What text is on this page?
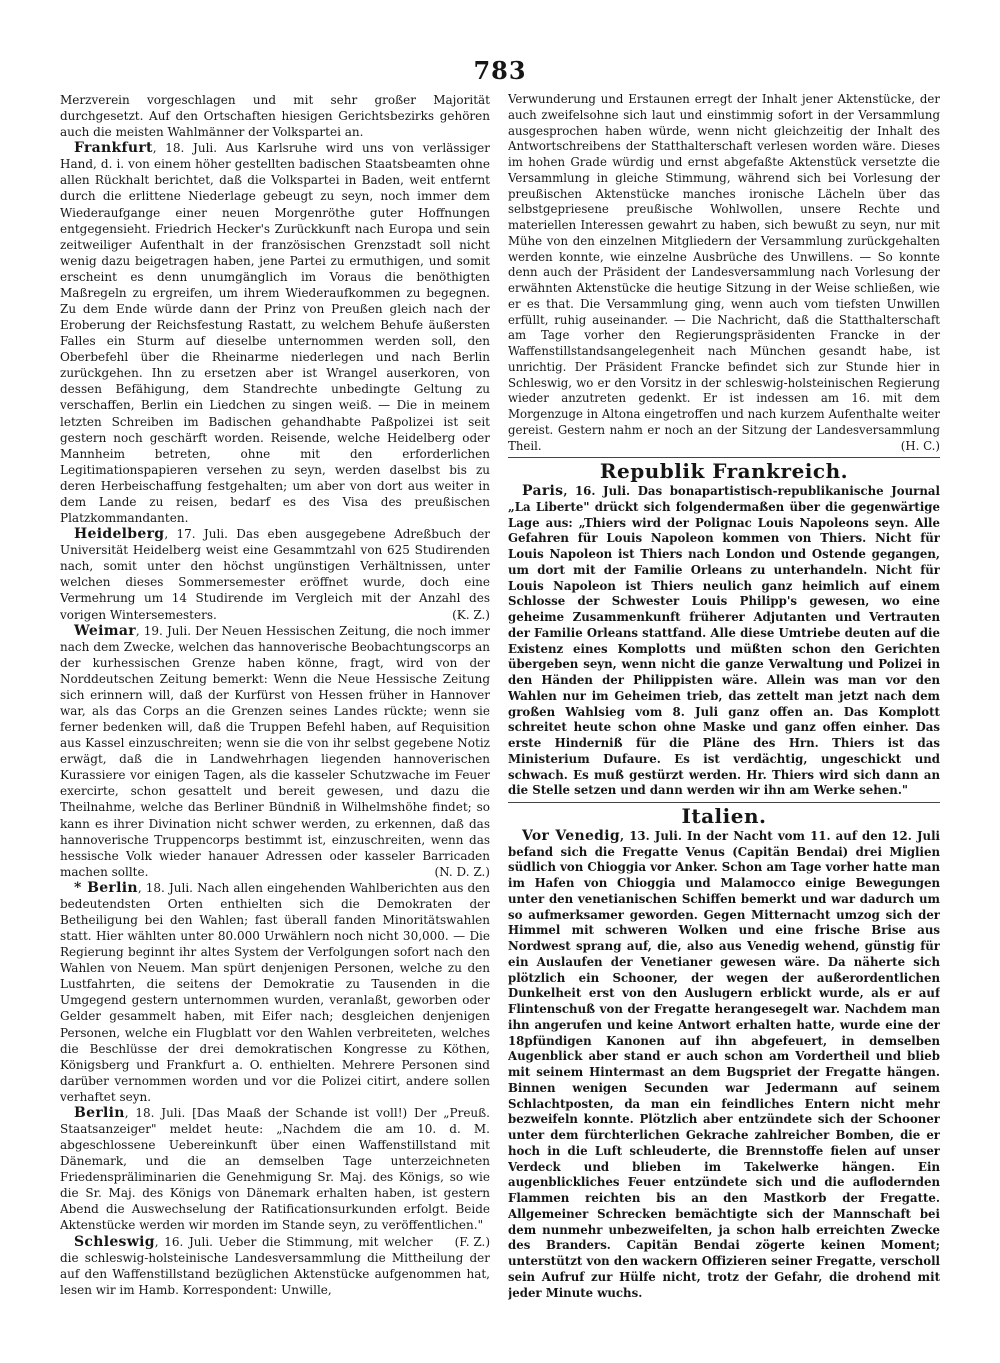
783

Merzverein vorgeschlagen und mit sehr großer Majorität durchgesetzt. Auf den Ortschaften hiesigen Gerichtsbezirks gehören auch die meisten Wahlmänner der Volkspartei an.

Frankfurt, 18. Juli. Aus Karlsruhe wird uns von verlässiger Hand, d. i. von einem höher gestellten badischen Staatsbeamten ohne allen Rückhalt berichtet, daß die Volkspartei in Baden, weit entfernt durch die erlittene Niederlage gebeugt zu seyn, noch immer dem Wiederaufgange einer neuen Morgenröthe guter Hoffnungen entgegensieht. Friedrich Hecker's Zurückkunft nach Europa und sein zeitweiliger Aufenthalt in der französischen Grenzstadt soll nicht wenig dazu beigetragen haben, jene Partei zu ermuthigen, und somit erscheint es denn unumgänglich im Voraus die benöthigten Maßregeln zu ergreifen, um ihrem Wiederaufkommen zu begegnen. Zu dem Ende würde dann der Prinz von Preußen gleich nach der Eroberung der Reichsfestung Rastatt, zu welchem Behufe äußersten Falles ein Sturm auf dieselbe unternommen werden soll, den Oberbefehl über die Rheinarme niederlegen und nach Berlin zurückgehen. Ihn zu ersetzen aber ist Wrangel auserkoren, von dessen Befähigung, dem Standrechte unbedingte Geltung zu verschaffen, Berlin ein Liedchen zu singen weiß. — Die in meinem letzten Schreiben im Badischen gehandhabte Paßpolizei ist seit gestern noch geschärft worden. Reisende, welche Heidelberg oder Mannheim betreten, ohne mit den erforderlichen Legitimationspapieren versehen zu seyn, werden daselbst bis zu deren Herbeischaffung festgehalten; um aber von dort aus weiter in dem Lande zu reisen, bedarf es des Visa des preußischen Platzkommandanten.

Heidelberg, 17. Juli. Das eben ausgegebene Adreßbuch der Universität Heidelberg weist eine Gesammtzahl von 625 Studirenden nach, somit unter den höchst ungünstigen Verhältnissen, unter welchen dieses Sommersemester eröffnet wurde, doch eine Vermehrung um 14 Studirende im Vergleich mit der Anzahl des vorigen Wintersemesters.	(K. Z.)

Weimar, 19. Juli. Der Neuen Hessischen Zeitung, die noch immer nach dem Zwecke, welchen das hannoverische Beobachtungscorps an der kurhessischen Grenze haben könne, fragt, wird von der Norddeutschen Zeitung bemerkt: Wenn die Neue Hessische Zeitung sich erinnern will, daß der Kurfürst von Hessen früher in Hannover war, als das Corps an die Grenzen seines Landes rückte; wenn sie ferner bedenken will, daß die Truppen Befehl haben, auf Requisition aus Kassel einzuschreiten; wenn sie die von ihr selbst gegebene Notiz erwägt, daß die in Landwehrhagen liegenden hannoverischen Kurassiere vor einigen Tagen, als die kasseler Schutzwache im Feuer exercirte, schon gesattelt und bereit gewesen, und dazu die Theilnahme, welche das Berliner Bündniß in Wilhelmshöhe findet; so kann es ihrer Divination nicht schwer werden, zu erkennen, daß das hannoverische Truppencorps bestimmt ist, einzuschreiten, wenn das hessische Volk wieder hanauer Adressen oder kasseler Barricaden machen sollte.	(N. D. Z.)

* Berlin, 18. Juli. Nach allen eingehenden Wahlberichten aus den bedeutendsten Orten enthielten sich die Demokraten der Betheiligung bei den Wahlen; fast überall fanden Minoritätswahlen statt. Hier wählten unter 80.000 Urwählern noch nicht 30,000. — Die Regierung beginnt ihr altes System der Verfolgungen sofort nach den Wahlen von Neuem. Man spürt denjenigen Personen, welche zu den Lustfahrten, die seitens der Demokratie zu Tausenden in die Umgegend gestern unternommen wurden, veranlaßt, geworben oder Gelder gesammelt haben, mit Eifer nach; desgleichen denjenigen Personen, welche ein Flugblatt vor den Wahlen verbreiteten, welches die Beschlüsse der drei demokratischen Kongresse zu Köthen, Königsberg und Frankfurt a. O. enthielten. Mehrere Personen sind darüber vernommen worden und vor die Polizei citirt, andere sollen verhaftet seyn.

Berlin, 18. Juli. [Das Maaß der Schande ist voll!) Der „Preuß. Staatsanzeiger" meldet heute: „Nachdem die am 10. d. M. abgeschlossene Uebereinkunft über einen Waffenstillstand mit Dänemark, und die an demselben Tage unterzeichneten Friedenspräliminarien die Genehmigung Sr. Maj. des Königs, so wie die Sr. Maj. des Königs von Dänemark erhalten haben, ist gestern Abend die Auswechselung der Ratificationsurkunden erfolgt. Beide Aktenstücke werden wir morden im Stande seyn, zu veröffentlichen."
(F. Z.)

Schleswig, 16. Juli. Ueber die Stimmung, mit welcher die schleswig-holsteinische Landesversammlung die Mittheilung der auf den Waffenstillstand bezüglichen Aktenstücke aufgenommen hat, lesen wir im Hamb. Korrespondent: Unwille,

Verwunderung und Erstaunen erregt der Inhalt jener Aktenstücke, der auch zweifelsohne sich laut und einstimmig sofort in der Versammlung ausgesprochen haben würde, wenn nicht gleichzeitig der Inhalt des Antwortschreibens der Statthalterschaft verlesen worden wäre. Dieses im hohen Grade würdig und ernst abgefaßte Aktenstück versetzte die Versammlung in gleiche Stimmung, während sich bei Vorlesung der preußischen Aktenstücke manches ironische Lächeln über das selbstgepriesene preußische Wohlwollen, unsere Rechte und materiellen Interessen gewahrt zu haben, sich bewußt zu seyn, nur mit Mühe von den einzelnen Mitgliedern der Versammlung zurückgehalten werden konnte, wie einzelne Ausbrüche des Unwillens. — So konnte denn auch der Präsident der Landesversammlung nach Vorlesung der erwähnten Aktenstücke die heutige Sitzung in der Weise schließen, wie er es that. Die Versammlung ging, wenn auch vom tiefsten Unwillen erfüllt, ruhig auseinander. — Die Nachricht, daß die Statthalterschaft am Tage vorher den Regierungspräsidenten Francke in der Waffenstillstandsangelegenheit nach München gesandt habe, ist unrichtig. Der Präsident Francke befindet sich zur Stunde hier in Schleswig, wo er den Vorsitz in der schleswig-holsteinischen Regierung wieder anzutreten gedenkt. Er ist indessen am 16. mit dem Morgenzuge in Altona eingetroffen und nach kurzem Aufenthalte weiter gereist. Gestern nahm er noch an der Sitzung der Landesversammlung Theil.	(H. C.)

Republik Frankreich.

Paris, 16. Juli. Das bonapartistisch-republikanische Journal „La Liberte" drückt sich folgendermaßen über die gegenwärtige Lage aus: „Thiers wird der Polignac Louis Napoleons seyn. Alle Gefahren für Louis Napoleon kommen von Thiers. Nicht für Louis Napoleon ist Thiers nach London und Ostende gegangen, um dort mit der Familie Orleans zu unterhandeln. Nicht für Louis Napoleon ist Thiers neulich ganz heimlich auf einem Schlosse der Schwester Louis Philipp's gewesen, wo eine geheime Zusammenkunft früherer Adjutanten und Vertrauten der Familie Orleans stattfand. Alle diese Umtriebe deuten auf die Existenz eines Komplotts und müßten schon den Gerichten übergeben seyn, wenn nicht die ganze Verwaltung und Polizei in den Händen der Philippisten wäre. Allein was man vor den Wahlen nur im Geheimen trieb, das zettelt man jetzt nach dem großen Wahlsieg vom 8. Juli ganz offen an. Das Komplott schreitet heute schon ohne Maske und ganz offen einher. Das erste Hinderniß für die Pläne des Hrn. Thiers ist das Ministerium Dufaure. Es ist verdächtig, ungeschickt und schwach. Es muß gestürzt werden. Hr. Thiers wird sich dann an die Stelle setzen und dann werden wir ihn am Werke sehen."

Italien.

Vor Venedig, 13. Juli. In der Nacht vom 11. auf den 12. Juli befand sich die Fregatte Venus (Capitän Bendai) drei Miglien südlich von Chioggia vor Anker. Schon am Tage vorher hatte man im Hafen von Chioggia und Malamocco einige Bewegungen unter den venetianischen Schiffen bemerkt und war dadurch um so aufmerksamer geworden. Gegen Mitternacht umzog sich der Himmel mit schweren Wolken und eine frische Brise aus Nordwest sprang auf, die, also aus Venedig wehend, günstig für ein Auslaufen der Venetianer gewesen wäre. Da näherte sich plötzlich ein Schooner, der wegen der außerordentlichen Dunkelheit erst von den Auslugern erblickt wurde, als er auf Flintenschuß von der Fregatte herangesegelt war. Nachdem man ihn angerufen und keine Antwort erhalten hatte, wurde eine der 18pfündigen Kanonen auf ihn abgefeuert, in demselben Augenblick aber stand er auch schon am Vordertheil und blieb mit seinem Hintermast an dem Bugspriet der Fregatte hängen. Binnen wenigen Secunden war Jedermann auf seinem Schlachtposten, da man ein feindliches Entern nicht mehr bezweifeln konnte. Plötzlich aber entzündete sich der Schooner unter dem fürchterlichen Gekrache zahlreicher Bomben, die er hoch in die Luft schleuderte, die Brennstoffe fielen auf unser Verdeck und blieben im Takelwerke hängen. Ein augenblickliches Feuer entzündete sich und die auflodernden Flammen reichten bis an den Mastkorb der Fregatte. Allgemeiner Schrecken bemächtigte sich der Mannschaft bei dem nunmehr unbezweifelten, ja schon halb erreichten Zwecke des Branders. Capitän Bendai zögerte keinen Moment; unterstützt von den wackern Offizieren seiner Fregatte, verscholl sein Aufruf zur Hülfe nicht, trotz der Gefahr, die drohend mit jeder Minute wuchs.
